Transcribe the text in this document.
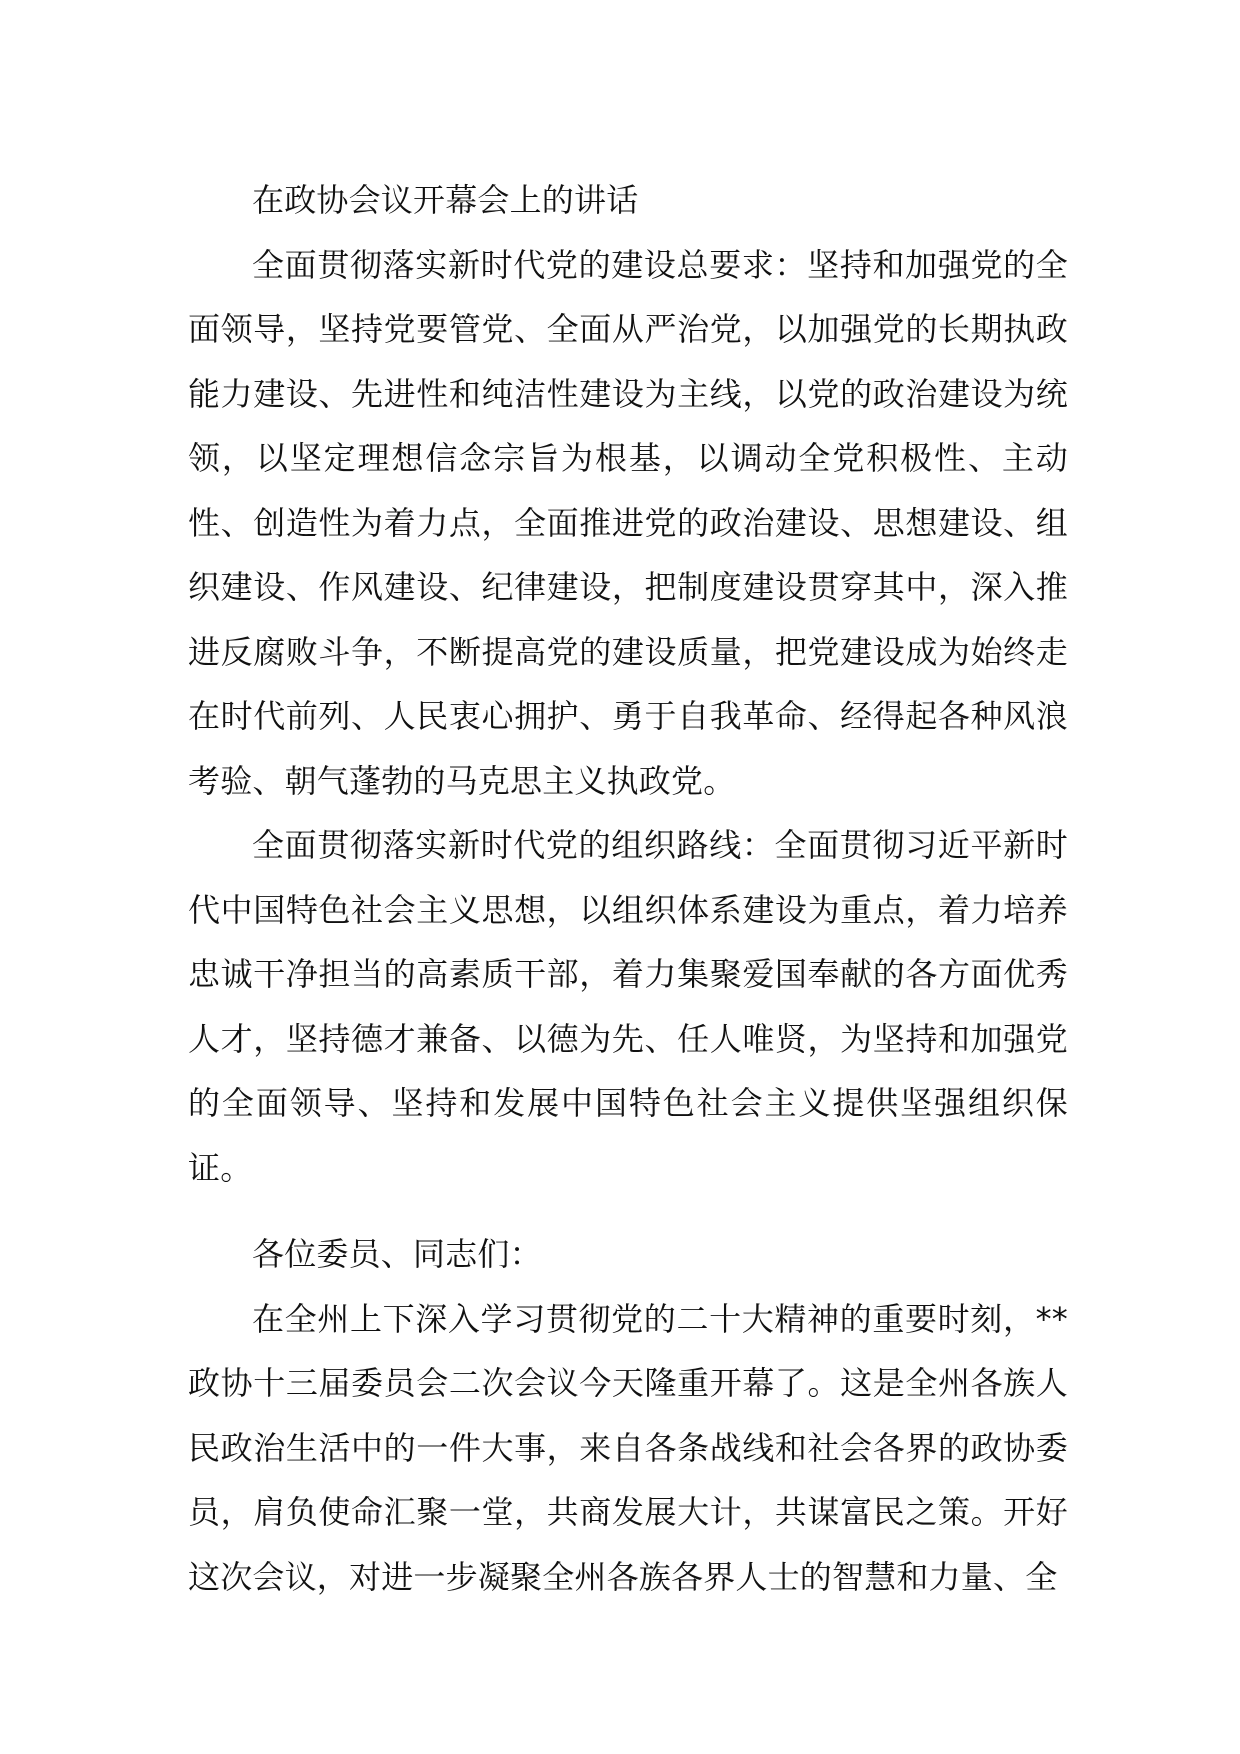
在政协会议开幕会上的讲话

全面贯彻落实新时代党的建设总要求：坚持和加强党的全面领导，坚持党要管党、全面从严治党，以加强党的长期执政能力建设、先进性和纯洁性建设为主线，以党的政治建设为统领，以坚定理想信念宗旨为根基，以调动全党积极性、主动性、创造性为着力点，全面推进党的政治建设、思想建设、组织建设、作风建设、纪律建设，把制度建设贯穿其中，深入推进反腐败斗争，不断提高党的建设质量，把党建设成为始终走在时代前列、人民衷心拥护、勇于自我革命、经得起各种风浪考验、朝气蓬勃的马克思主义执政党。

全面贯彻落实新时代党的组织路线：全面贯彻习近平新时代中国特色社会主义思想，以组织体系建设为重点，着力培养忠诚干净担当的高素质干部，着力集聚爱国奉献的各方面优秀人才，坚持德才兼备、以德为先、任人唯贤，为坚持和加强党的全面领导、坚持和发展中国特色社会主义提供坚强组织保证。

各位委员、同志们：

在全州上下深入学习贯彻党的二十大精神的重要时刻，**政协十三届委员会二次会议今天隆重开幕了。这是全州各族人民政治生活中的一件大事，来自各条战线和社会各界的政协委员，肩负使命汇聚一堂，共商发展大计，共谋富民之策。开好这次会议，对进一步凝聚全州各族各界人士的智慧和力量、全
